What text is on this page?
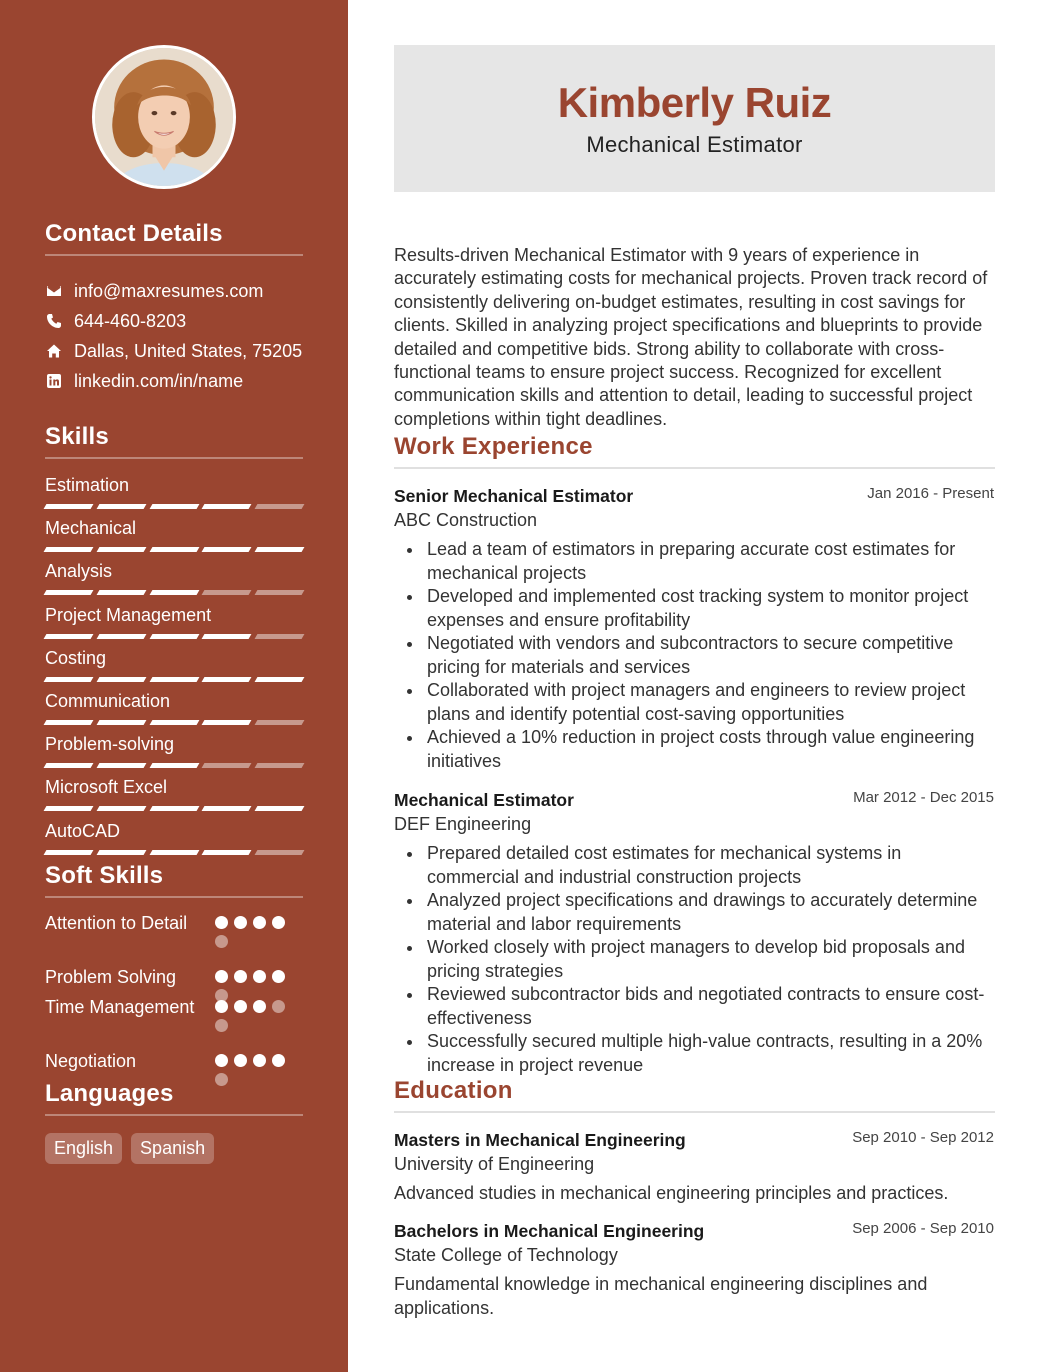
Contact Details
info@maxresumes.com
644-460-8203
Dallas, United States, 75205
linkedin.com/in/name
Skills
Estimation
Mechanical
Analysis
Project Management
Costing
Communication
Problem-solving
Microsoft Excel
AutoCAD
Soft Skills
Attention to Detail
Problem Solving
Time Management
Negotiation
Languages
English	Spanish
Kimberly Ruiz
Mechanical Estimator
Results-driven Mechanical Estimator with 9 years of experience in accurately estimating costs for mechanical projects. Proven track record of consistently delivering on-budget estimates, resulting in cost savings for clients. Skilled in analyzing project specifications and blueprints to provide detailed and competitive bids. Strong ability to collaborate with cross-functional teams to ensure project success. Recognized for excellent communication skills and attention to detail, leading to successful project completions within tight deadlines.
Work Experience
Senior Mechanical Estimator	Jan 2016 - Present
ABC Construction
Lead a team of estimators in preparing accurate cost estimates for mechanical projects
Developed and implemented cost tracking system to monitor project expenses and ensure profitability
Negotiated with vendors and subcontractors to secure competitive pricing for materials and services
Collaborated with project managers and engineers to review project plans and identify potential cost-saving opportunities
Achieved a 10% reduction in project costs through value engineering initiatives
Mechanical Estimator	Mar 2012 - Dec 2015
DEF Engineering
Prepared detailed cost estimates for mechanical systems in commercial and industrial construction projects
Analyzed project specifications and drawings to accurately determine material and labor requirements
Worked closely with project managers to develop bid proposals and pricing strategies
Reviewed subcontractor bids and negotiated contracts to ensure cost-effectiveness
Successfully secured multiple high-value contracts, resulting in a 20% increase in project revenue
Education
Masters in Mechanical Engineering	Sep 2010 - Sep 2012
University of Engineering
Advanced studies in mechanical engineering principles and practices.
Bachelors in Mechanical Engineering	Sep 2006 - Sep 2010
State College of Technology
Fundamental knowledge in mechanical engineering disciplines and applications.
